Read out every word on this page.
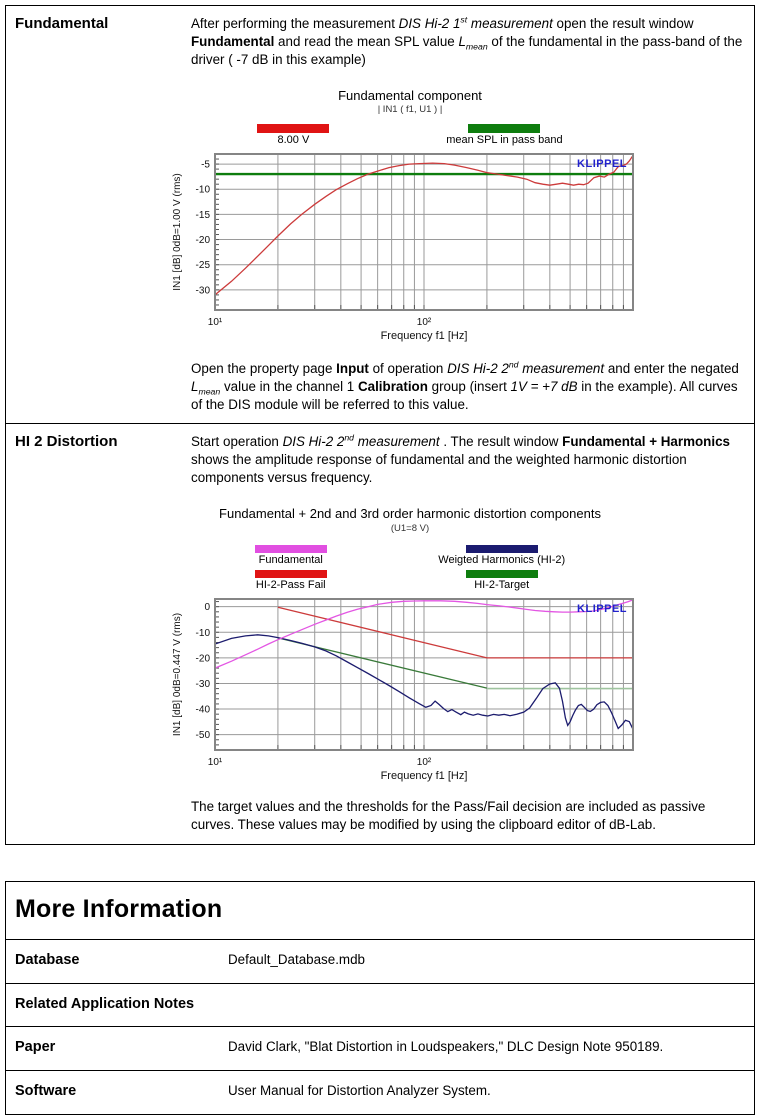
Fundamental	After performing the measurement DIS Hi-2 1st measurement open the result window Fundamental and read the mean SPL value $L_{mean}$ of the fundamental in the pass-band of the driver ( -7 dB in this example)

Fundamental component

| IN1 ( f1, U1 ) |

8.00 V	mean SPL in pass band
-5
-10
-15
-20
-25
-30
KLIPPEL
10¹	10²
Frequency f1 [Hz]
IN1 [dB] 0dB=1.00 V (rms)

Open the property page Input of operation DIS Hi-2 2nd measurement and enter the negated $L_{mean}$ value in the channel 1 Calibration group (insert 1V = +7 dB in the example). All curves of the DIS module will be referred to this value.

HI 2 Distortion	Start operation DIS Hi-2 2nd measurement . The result window Fundamental + Harmonics shows the amplitude response of fundamental and the weighted harmonic distortion components versus frequency.

Fundamental + 2nd and 3rd order harmonic distortion components

(U1=8 V)

Fundamental
HI-2-Pass Fail
Weigted Harmonics (HI-2)
HI-2-Target
0
-10
-20
-30
-40
-50
KLIPPEL
10¹	10²
Frequency f1 [Hz]
IN1 [dB] 0dB=0.447 V (rms)

The target values and the thresholds for the Pass/Fail decision are included as passive curves. These values may be modified by using the clipboard editor of dB-Lab.

More Information
Database	Default_Database.mdb
Related Application Notes
Paper	David Clark, "Blat Distortion in Loudspeakers," DLC Design Note 950189.
Software	User Manual for Distortion Analyzer System.
